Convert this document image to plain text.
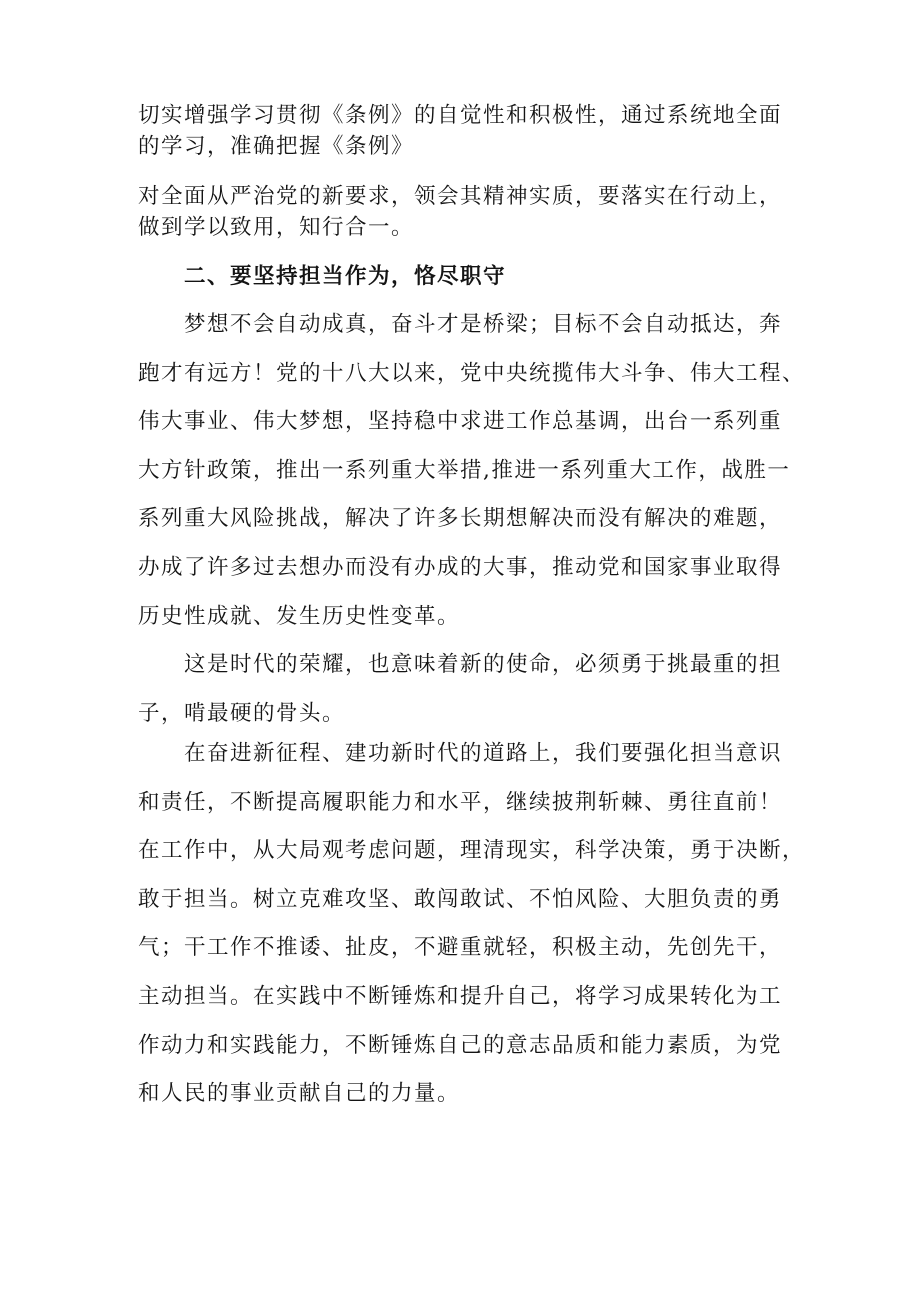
切实增强学习贯彻《条例》的自觉性和积极性，通过系统地全面

的学习，准确把握《条例》

对全面从严治党的新要求，领会其精神实质，要落实在行动上，

做到学以致用，知行合一。

二、要坚持担当作为，恪尽职守

梦想不会自动成真，奋斗才是桥梁；目标不会自动抵达，奔

跑才有远方！党的十八大以来，党中央统揽伟大斗争、伟大工程、

伟大事业、伟大梦想，坚持稳中求进工作总基调，出台一系列重

大方针政策，推出一系列重大举措,推进一系列重大工作，战胜一

系列重大风险挑战，解决了许多长期想解决而没有解决的难题，

办成了许多过去想办而没有办成的大事，推动党和国家事业取得

历史性成就、发生历史性变革。

这是时代的荣耀，也意味着新的使命，必须勇于挑最重的担

子，啃最硬的骨头。

在奋进新征程、建功新时代的道路上，我们要强化担当意识

和责任，不断提高履职能力和水平，继续披荆斩棘、勇往直前！

在工作中，从大局观考虑问题，理清现实，科学决策，勇于决断，

敢于担当。树立克难攻坚、敢闯敢试、不怕风险、大胆负责的勇

气；干工作不推诿、扯皮，不避重就轻，积极主动，先创先干，

主动担当。在实践中不断锤炼和提升自己，将学习成果转化为工

作动力和实践能力，不断锤炼自己的意志品质和能力素质，为党

和人民的事业贡献自己的力量。
